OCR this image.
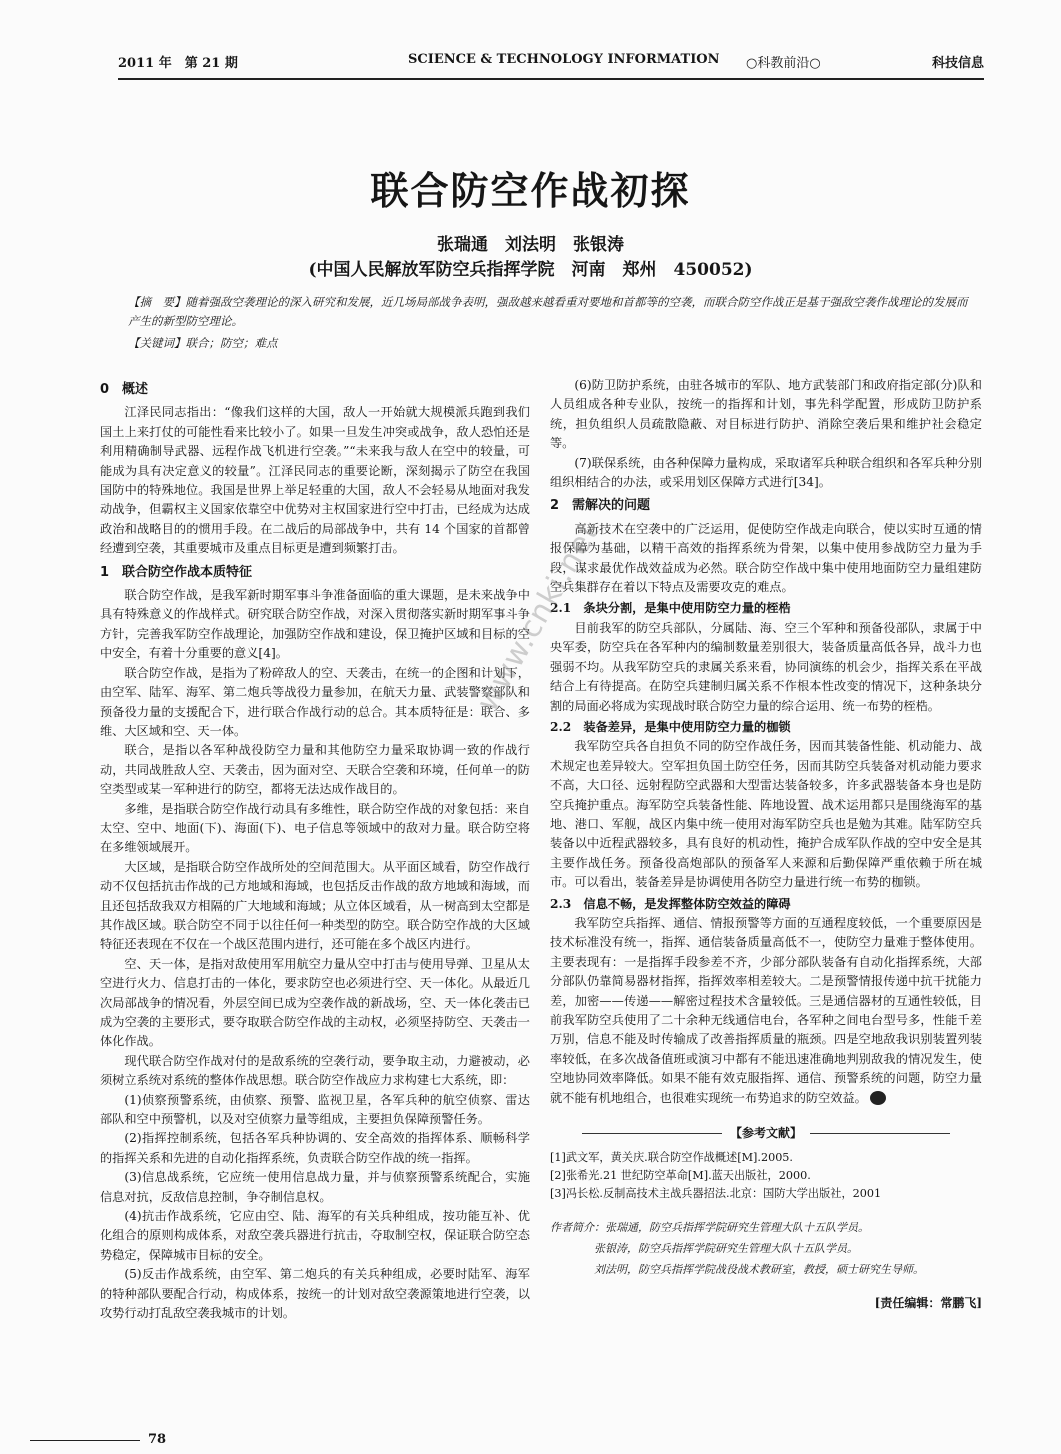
2011 年　第 21 期	SCIENCE & TECHNOLOGY INFORMATION ○科教前沿○	科技信息
联合防空作战初探
张瑞通　刘法明　张银涛
(中国人民解放军防空兵指挥学院　河南　郑州　450052)
【摘　要】随着强敌空袭理论的深入研究和发展，近几场局部战争表明，强敌越来越看重对要地和首都等的空袭，而联合防空作战正是基于强敌空袭作战理论的发展而产生的新型防空理论。
【关键词】联合；防空；难点
0　概述

江泽民同志指出：“像我们这样的大国，敌人一开始就大规模派兵跑到我们国土上来打仗的可能性看来比较小了。如果一旦发生冲突或战争，敌人恐怕还是利用精确制导武器、远程作战飞机进行空袭。”“未来我与敌人在空中的较量，可能成为具有决定意义的较量”。江泽民同志的重要论断，深刻揭示了防空在我国国防中的特殊地位。我国是世界上举足轻重的大国，敌人不会轻易从地面对我发动战争，但霸权主义国家依靠空中优势对主权国家进行空中打击，已经成为达成政治和战略目的的惯用手段。在二战后的局部战争中，共有 14 个国家的首都曾经遭到空袭，其重要城市及重点目标更是遭到频繁打击。

1　联合防空作战本质特征

联合防空作战，是我军新时期军事斗争准备面临的重大课题，是未来战争中具有特殊意义的作战样式。研究联合防空作战，对深入贯彻落实新时期军事斗争方针，完善我军防空作战理论，加强防空作战和建设，保卫掩护区域和目标的空中安全，有着十分重要的意义[4]。

联合防空作战，是指为了粉碎敌人的空、天袭击，在统一的企图和计划下，由空军、陆军、海军、第二炮兵等战役力量参加，在航天力量、武装警察部队和预备役力量的支援配合下，进行联合作战行动的总合。其本质特征是：联合、多维、大区域和空、天一体。

联合，是指以各军种战役防空力量和其他防空力量采取协调一致的作战行动，共同战胜敌人空、天袭击，因为面对空、天联合空袭和环境，任何单一的防空类型或某一军种进行的防空，都将无法达成作战目的。

多维，是指联合防空作战行动具有多维性，联合防空作战的对象包括：来自太空、空中、地面(下)、海面(下)、电子信息等领域中的敌对力量。联合防空将在多维领域展开。

大区域，是指联合防空作战所处的空间范围大。从平面区域看，防空作战行动不仅包括抗击作战的己方地域和海域，也包括反击作战的敌方地域和海域，而且还包括敌我双方相隔的广大地域和海域；从立体区域看，从一树高到太空都是其作战区域。联合防空不同于以往任何一种类型的防空。联合防空作战的大区域特征还表现在不仅在一个战区范围内进行，还可能在多个战区内进行。

空、天一体，是指对敌使用军用航空力量从空中打击与使用导弹、卫星从太空进行火力、信息打击的一体化，要求防空也必须进行空、天一体化。从最近几次局部战争的情况看，外层空间已成为空袭作战的新战场，空、天一体化袭击已成为空袭的主要形式，要夺取联合防空作战的主动权，必须坚持防空、天袭击一体化作战。

现代联合防空作战对付的是敌系统的空袭行动，要争取主动，力避被动，必须树立系统对系统的整体作战思想。联合防空作战应力求构建七大系统，即：

(1)侦察预警系统，由侦察、预警、监视卫星，各军兵种的航空侦察、雷达部队和空中预警机，以及对空侦察力量等组成，主要担负保障预警任务。

(2)指挥控制系统，包括各军兵种协调的、安全高效的指挥体系、顺畅科学的指挥关系和先进的自动化指挥系统，负责联合防空作战的统一指挥。

(3)信息战系统，它应统一使用信息战力量，并与侦察预警系统配合，实施信息对抗，反敌信息控制，争夺制信息权。

(4)抗击作战系统，它应由空、陆、海军的有关兵种组成，按功能互补、优化组合的原则构成体系，对敌空袭兵器进行抗击，夺取制空权，保证联合防空态势稳定，保障城市目标的安全。

(5)反击作战系统，由空军、第二炮兵的有关兵种组成，必要时陆军、海军的特种部队要配合行动，构成体系，按统一的计划对敌空袭源策地进行空袭，以攻势行动打乱敌空袭我城市的计划。

(6)防卫防护系统，由驻各城市的军队、地方武装部门和政府指定部(分)队和人员组成各种专业队，按统一的指挥和计划，事先科学配置，形成防卫防护系统，担负组织人员疏散隐蔽、对目标进行防护、消除空袭后果和维护社会稳定等。

(7)联保系统，由各种保障力量构成，采取诸军兵种联合组织和各军兵种分别组织相结合的办法，或采用划区保障方式进行[34]。

2　需解决的问题

高新技术在空袭中的广泛运用，促使防空作战走向联合，使以实时互通的情报保障为基础，以精干高效的指挥系统为骨架，以集中使用参战防空力量为手段，谋求最优作战效益成为必然。联合防空作战中集中使用地面防空力量组建防空兵集群存在着以下特点及需要攻克的难点。

2.1　条块分割，是集中使用防空力量的桎梏

目前我军的防空兵部队，分属陆、海、空三个军种和预备役部队，隶属于中央军委，防空兵在各军种内的编制数量差别很大，装备质量高低各异，战斗力也强弱不均。从我军防空兵的隶属关系来看，协同演练的机会少，指挥关系在平战结合上有待提高。在防空兵建制归属关系不作根本性改变的情况下，这种条块分割的局面必将成为实现战时联合防空力量的综合运用、统一布势的桎梏。

2.2　装备差异，是集中使用防空力量的枷锁

我军防空兵各自担负不同的防空作战任务，因而其装备性能、机动能力、战术规定也差异较大。空军担负国土防空任务，因而其防空兵装备对机动能力要求不高，大口径、远射程防空武器和大型雷达装备较多，许多武器装备本身也是防空兵掩护重点。海军防空兵装备性能、阵地设置、战术运用都只是围绕海军的基地、港口、军舰，战区内集中统一使用对海军防空兵也是勉为其难。陆军防空兵装备以中近程武器较多，具有良好的机动性，掩护合成军队作战的空中安全是其主要作战任务。预备役高炮部队的预备军人来源和后勤保障严重依赖于所在城市。可以看出，装备差异是协调使用各防空力量进行统一布势的枷锁。

2.3　信息不畅，是发挥整体防空效益的障碍

我军防空兵指挥、通信、情报预警等方面的互通程度较低，一个重要原因是技术标准没有统一，指挥、通信装备质量高低不一，使防空力量难于整体使用。主要表现有：一是指挥手段参差不齐，少部分部队装备有自动化指挥系统，大部分部队仍靠简易器材指挥，指挥效率相差较大。二是预警情报传递中抗干扰能力差，加密——传递——解密过程技术含量较低。三是通信器材的互通性较低，目前我军防空兵使用了二十余种无线通信电台，各军种之间电台型号多，性能千差万别，信息不能及时传输成了改善指挥质量的瓶颈。四是空地敌我识别装置列装率较低，在多次战备值班或演习中都有不能迅速准确地判别敌我的情况发生，使空地协同效率降低。如果不能有效克服指挥、通信、预警系统的问题，防空力量就不能有机地组合，也很难实现统一布势追求的防空效益。

【参考文献】
[1]武文军，黄关庆.联合防空作战概述[M].2005.
[2]张希光.21 世纪防空革命[M].蓝天出版社，2000.
[3]冯长松.反制高技术主战兵器招法.北京：国防大学出版社，2001
作者简介：张瑞通，防空兵指挥学院研究生管理大队十五队学员。
张银涛，防空兵指挥学院研究生管理大队十五队学员。
刘法明，防空兵指挥学院战役战术教研室，教授，硕士研究生导师。
[责任编辑：常鹏飞]
www.cnki.net
78
